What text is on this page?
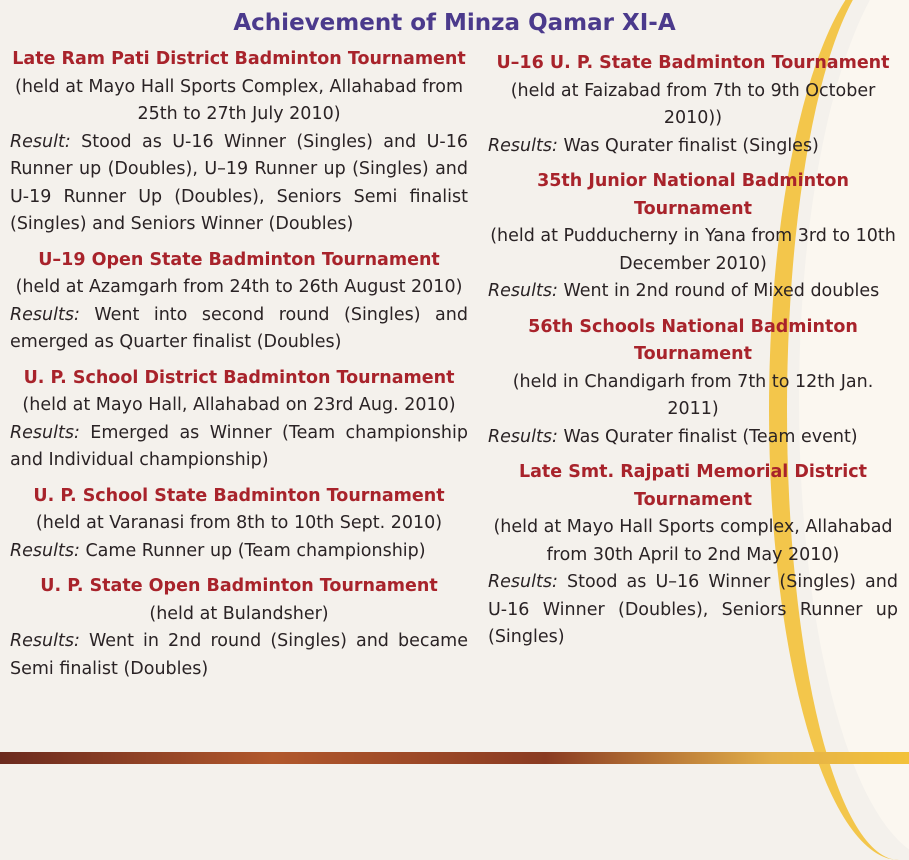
Achievement of Minza Qamar XI-A
Late Ram Pati District Badminton Tournament
(held at Mayo Hall Sports Complex, Allahabad from 25th to 27th July 2010)
Result: Stood as U-16 Winner (Singles) and U-16 Runner up (Doubles), U–19 Runner up (Singles) and U-19 Runner Up (Doubles), Seniors Semi finalist (Singles) and Seniors Winner (Doubles)
U–19 Open State Badminton Tournament
(held at Azamgarh from 24th to 26th August 2010)
Results: Went into second round (Singles) and emerged as Quarter finalist (Doubles)
U. P. School District Badminton Tournament
(held at Mayo Hall, Allahabad on 23rd Aug. 2010)
Results: Emerged as Winner (Team championship and Individual championship)
U. P. School State Badminton Tournament
(held at Varanasi from 8th to 10th Sept. 2010)
Results: Came Runner up (Team championship)
U. P. State Open Badminton Tournament
(held at Bulandsher)
Results: Went in 2nd round (Singles) and became Semi finalist (Doubles)
U–16 U. P. State Badminton Tournament
(held at Faizabad from 7th to 9th October 2010))
Results: Was Qurater finalist (Singles)
35th Junior National Badminton Tournament
(held at Pudducherny in Yana from 3rd to 10th December 2010)
Results: Went in 2nd round of Mixed doubles
56th Schools National Badminton Tournament
(held in Chandigarh from 7th to 12th Jan. 2011)
Results: Was Qurater finalist (Team event)
Late Smt. Rajpati Memorial District Tournament
(held at Mayo Hall Sports complex, Allahabad from 30th April to 2nd May 2010)
Results: Stood as U–16 Winner (Singles) and U-16 Winner (Doubles), Seniors Runner up (Singles)
